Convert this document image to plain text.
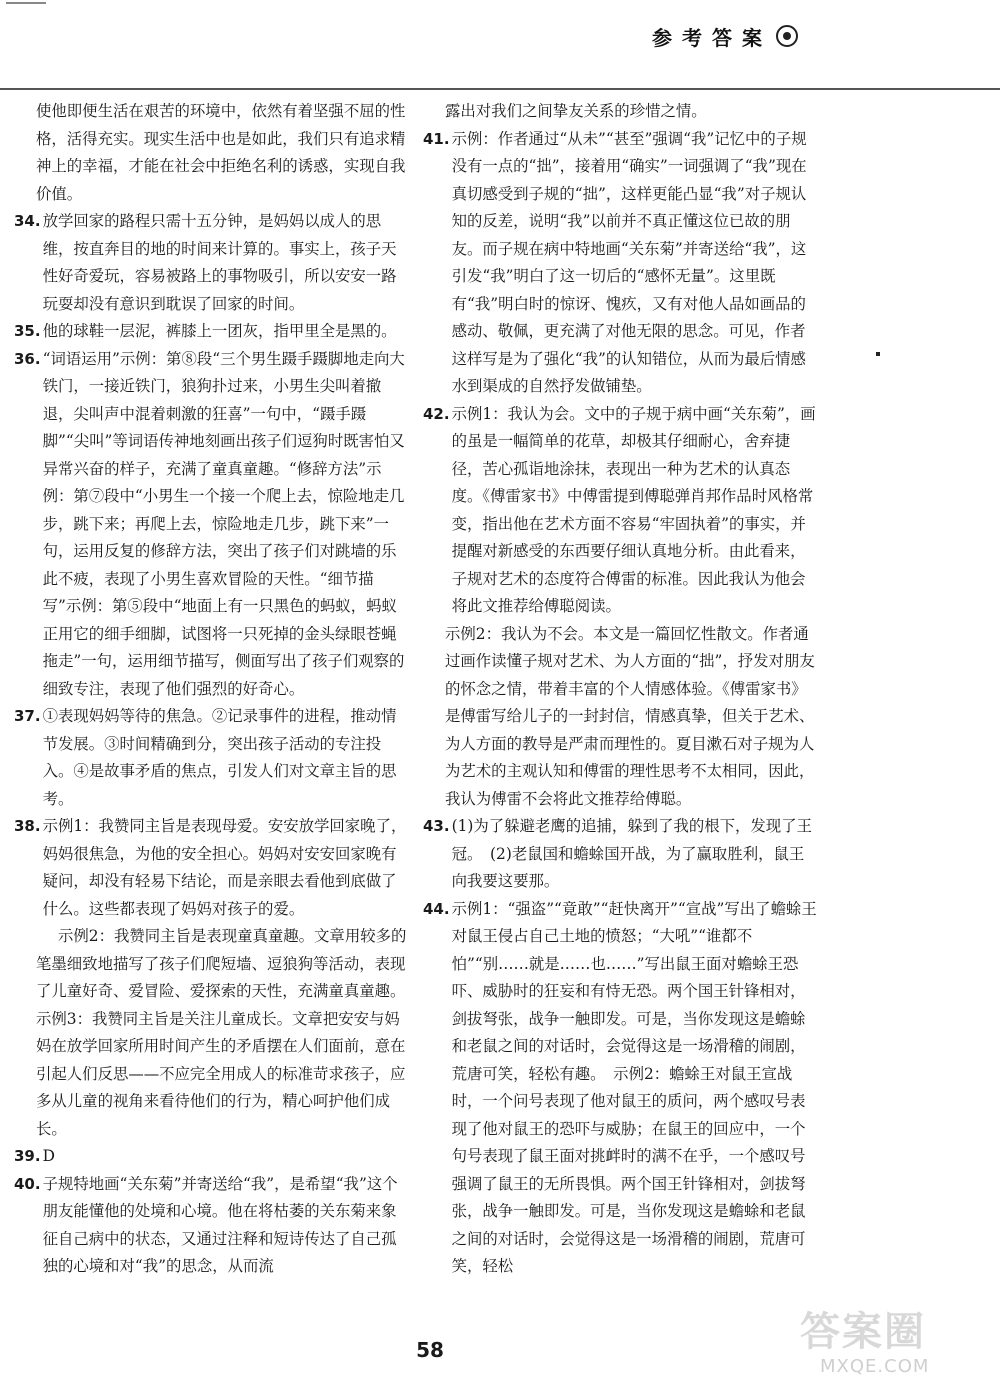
参考答案

使他即便生活在艰苦的环境中，依然有着坚强不屈的性格，活得充实。现实生活中也是如此，我们只有追求精神上的幸福，才能在社会中拒绝名利的诱惑，实现自我价值。

34. 放学回家的路程只需十五分钟，是妈妈以成人的思维，按直奔目的地的时间来计算的。事实上，孩子天性好奇爱玩，容易被路上的事物吸引，所以安安一路玩耍却没有意识到耽误了回家的时间。
35. 他的球鞋一层泥，裤膝上一团灰，指甲里全是黑的。
36. “词语运用”示例：第⑧段“三个男生蹑手蹑脚地走向大铁门，一接近铁门，狼狗扑过来，小男生尖叫着撤退，尖叫声中混着刺激的狂喜”一句中，“蹑手蹑脚”“尖叫”等词语传神地刻画出孩子们逗狗时既害怕又异常兴奋的样子，充满了童真童趣。“修辞方法”示例：第⑦段中“小男生一个接一个爬上去，惊险地走几步，跳下来；再爬上去，惊险地走几步，跳下来”一句，运用反复的修辞方法，突出了孩子们对跳墙的乐此不疲，表现了小男生喜欢冒险的天性。“细节描写”示例：第⑤段中“地面上有一只黑色的蚂蚁，蚂蚁正用它的细手细脚，试图将一只死掉的金头绿眼苍蝇拖走”一句，运用细节描写，侧面写出了孩子们观察的细致专注，表现了他们强烈的好奇心。
37. ①表现妈妈等待的焦急。②记录事件的进程，推动情节发展。③时间精确到分，突出孩子活动的专注投入。④是故事矛盾的焦点，引发人们对文章主旨的思考。
38. 示例1：我赞同主旨是表现母爱。安安放学回家晚了，妈妈很焦急，为他的安全担心。妈妈对安安回家晚有疑问，却没有轻易下结论，而是亲眼去看他到底做了什么。这些都表现了妈妈对孩子的爱。

示例2：我赞同主旨是表现童真童趣。文章用较多的笔墨细致地描写了孩子们爬短墙、逗狼狗等活动，表现了儿童好奇、爱冒险、爱探索的天性，充满童真童趣。　示例3：我赞同主旨是关注儿童成长。文章把安安与妈妈在放学回家所用时间产生的矛盾摆在人们面前，意在引起人们反思——不应完全用成人的标准苛求孩子，应多从儿童的视角来看待他们的行为，精心呵护他们成长。

39. D
40. 子规特地画“关东菊”并寄送给“我”，是希望“我”这个朋友能懂他的处境和心境。他在将枯萎的关东菊来象征自己病中的状态，又通过注释和短诗传达了自己孤独的心境和对“我”的思念，从而流

露出对我们之间挚友关系的珍惜之情。

41. 示例：作者通过“从未”“甚至”强调“我”记忆中的子规没有一点的“拙”，接着用“确实”一词强调了“我”现在真切感受到子规的“拙”，这样更能凸显“我”对子规认知的反差，说明“我”以前并不真正懂这位已故的朋友。而子规在病中特地画“关东菊”并寄送给“我”，这引发“我”明白了这一切后的“感怀无量”。这里既有“我”明白时的惊讶、愧疚，又有对他人品如画品的感动、敬佩，更充满了对他无限的思念。可见，作者这样写是为了强化“我”的认知错位，从而为最后情感水到渠成的自然抒发做铺垫。
42. 示例1：我认为会。文中的子规于病中画“关东菊”，画的虽是一幅简单的花草，却极其仔细耐心，舍弃捷径，苦心孤诣地涂抹，表现出一种为艺术的认真态度。《傅雷家书》中傅雷提到傅聪弹肖邦作品时风格常变，指出他在艺术方面不容易“牢固执着”的事实，并提醒对新感受的东西要仔细认真地分析。由此看来，子规对艺术的态度符合傅雷的标准。因此我认为他会将此文推荐给傅聪阅读。

示例2：我认为不会。本文是一篇回忆性散文。作者通过画作读懂子规对艺术、为人方面的“拙”，抒发对朋友的怀念之情，带着丰富的个人情感体验。《傅雷家书》是傅雷写给儿子的一封封信，情感真挚，但关于艺术、为人方面的教导是严肃而理性的。夏目漱石对子规为人为艺术的主观认知和傅雷的理性思考不太相同，因此，我认为傅雷不会将此文推荐给傅聪。

43. (1)为了躲避老鹰的追捕，躲到了我的根下，发现了王冠。　(2)老鼠国和蟾蜍国开战，为了赢取胜利，鼠王向我要这要那。
44. 示例1：“强盗”“竟敢”“赶快离开”“宣战”写出了蟾蜍王对鼠王侵占自己土地的愤怒；“大吼”“谁都不怕”“别……就是……也……”写出鼠王面对蟾蜍王恐吓、威胁时的狂妄和有恃无恐。两个国王针锋相对，剑拔弩张，战争一触即发。可是，当你发现这是蟾蜍和老鼠之间的对话时，会觉得这是一场滑稽的闹剧，荒唐可笑，轻松有趣。　示例2：蟾蜍王对鼠王宣战时，一个问号表现了他对鼠王的质问，两个感叹号表现了他对鼠王的恐吓与威胁；在鼠王的回应中，一个句号表现了鼠王面对挑衅时的满不在乎，一个感叹号强调了鼠王的无所畏惧。两个国王针锋相对，剑拔弩张，战争一触即发。可是，当你发现这是蟾蜍和老鼠之间的对话时，会觉得这是一场滑稽的闹剧，荒唐可笑，轻松
58	答案圈
MXQE.COM
